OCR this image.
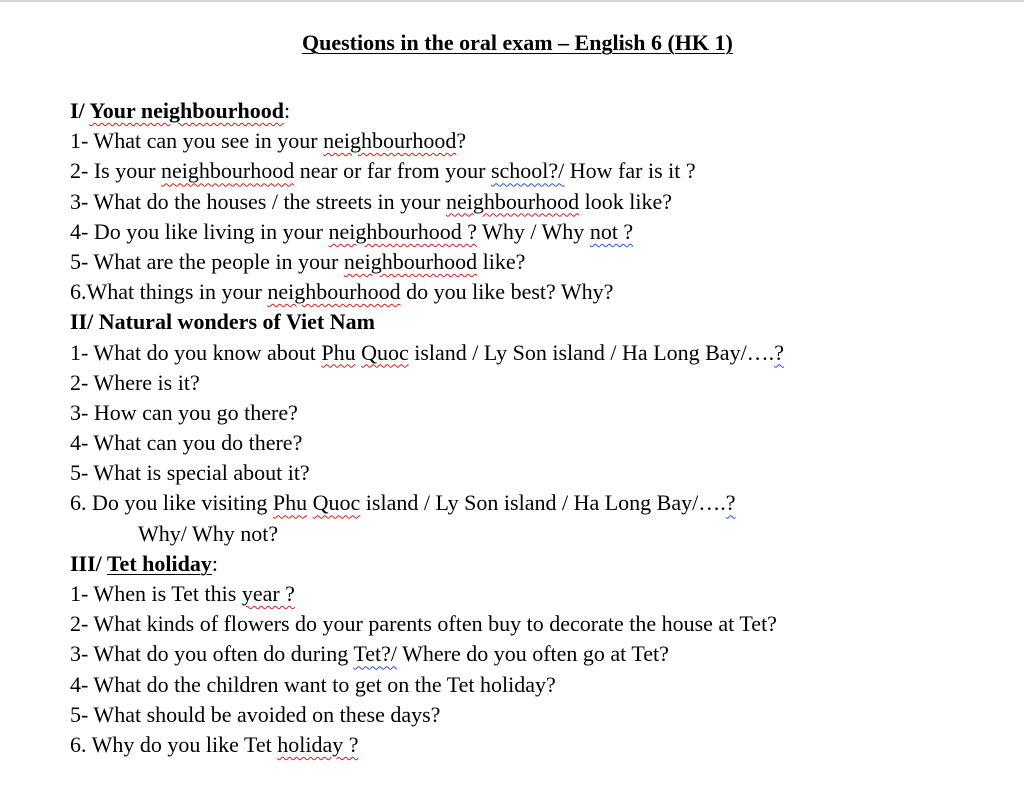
Questions in the oral exam – English 6 (HK 1)
I/ Your neighbourhood:
1- What can you see in your neighbourhood?
2- Is your neighbourhood near or far from your school?/ How far is it ?
3- What do the houses / the streets in your neighbourhood look like?
4- Do you like living in your neighbourhood ? Why / Why not ?
5- What are the people in your neighbourhood like?
6.What things in your neighbourhood do you like best? Why?
II/ Natural wonders of Viet Nam
1- What do you know about Phu Quoc island / Ly Son island / Ha Long Bay/….?
2- Where is it?
3- How can you go there?
4- What can you do there?
5- What is special about it?
6. Do you like visiting Phu Quoc island / Ly Son island / Ha Long Bay/….?
Why/ Why not?
III/ Tet holiday:
1- When is Tet this year ?
2- What kinds of flowers do your parents often buy to decorate the house at Tet?
3- What do you often do during Tet?/ Where do you often go at Tet?
4- What do the children want to get on the Tet holiday?
5- What should be avoided on these days?
6. Why do you like Tet holiday ?
